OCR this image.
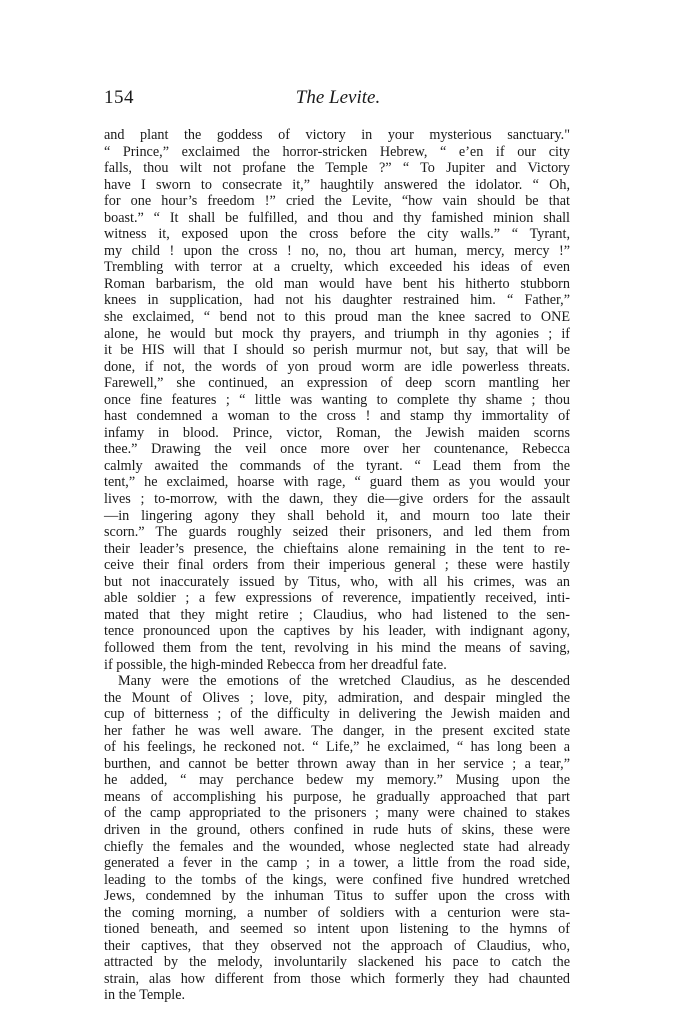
154	The Levite.
and plant the goddess of victory in your mysterious sanctuary."
“ Prince,” exclaimed the horror-stricken Hebrew, “ e’en if our city
falls, thou wilt not profane the Temple ?” “ To Jupiter and Victory
have I sworn to consecrate it,” haughtily answered the idolator. “ Oh,
for one hour’s freedom !” cried the Levite, “how vain should be that
boast.” “ It shall be fulfilled, and thou and thy famished minion shall
witness it, exposed upon the cross before the city walls.” “ Tyrant,
my child ! upon the cross ! no, no, thou art human, mercy, mercy !”
Trembling with terror at a cruelty, which exceeded his ideas of even
Roman barbarism, the old man would have bent his hitherto stubborn
knees in supplication, had not his daughter restrained him. “ Father,”
she exclaimed, “ bend not to this proud man the knee sacred to ONE
alone, he would but mock thy prayers, and triumph in thy agonies ; if
it be HIS will that I should so perish murmur not, but say, that will be
done, if not, the words of yon proud worm are idle powerless threats.
Farewell,” she continued, an expression of deep scorn mantling her
once fine features ; “ little was wanting to complete thy shame ; thou
hast condemned a woman to the cross ! and stamp thy immortality of
infamy in blood. Prince, victor, Roman, the Jewish maiden scorns
thee.” Drawing the veil once more over her countenance, Rebecca
calmly awaited the commands of the tyrant. “ Lead them from the
tent,” he exclaimed, hoarse with rage, “ guard them as you would your
lives ; to-morrow, with the dawn, they die—give orders for the assault
—in lingering agony they shall behold it, and mourn too late their
scorn.” The guards roughly seized their prisoners, and led them from
their leader’s presence, the chieftains alone remaining in the tent to re-
ceive their final orders from their imperious general ; these were hastily
but not inaccurately issued by Titus, who, with all his crimes, was an
able soldier ; a few expressions of reverence, impatiently received, inti-
mated that they might retire ; Claudius, who had listened to the sen-
tence pronounced upon the captives by his leader, with indignant agony,
followed them from the tent, revolving in his mind the means of saving,
if possible, the high-minded Rebecca from her dreadful fate.
Many were the emotions of the wretched Claudius, as he descended
the Mount of Olives ; love, pity, admiration, and despair mingled the
cup of bitterness ; of the difficulty in delivering the Jewish maiden and
her father he was well aware. The danger, in the present excited state
of his feelings, he reckoned not. “ Life,” he exclaimed, “ has long been a
burthen, and cannot be better thrown away than in her service ; a tear,”
he added, “ may perchance bedew my memory.” Musing upon the
means of accomplishing his purpose, he gradually approached that part
of the camp appropriated to the prisoners ; many were chained to stakes
driven in the ground, others confined in rude huts of skins, these were
chiefly the females and the wounded, whose neglected state had already
generated a fever in the camp ; in a tower, a little from the road side,
leading to the tombs of the kings, were confined five hundred wretched
Jews, condemned by the inhuman Titus to suffer upon the cross with
the coming morning, a number of soldiers with a centurion were sta-
tioned beneath, and seemed so intent upon listening to the hymns of
their captives, that they observed not the approach of Claudius, who,
attracted by the melody, involuntarily slackened his pace to catch the
strain, alas how different from those which formerly they had chaunted
in the Temple.
